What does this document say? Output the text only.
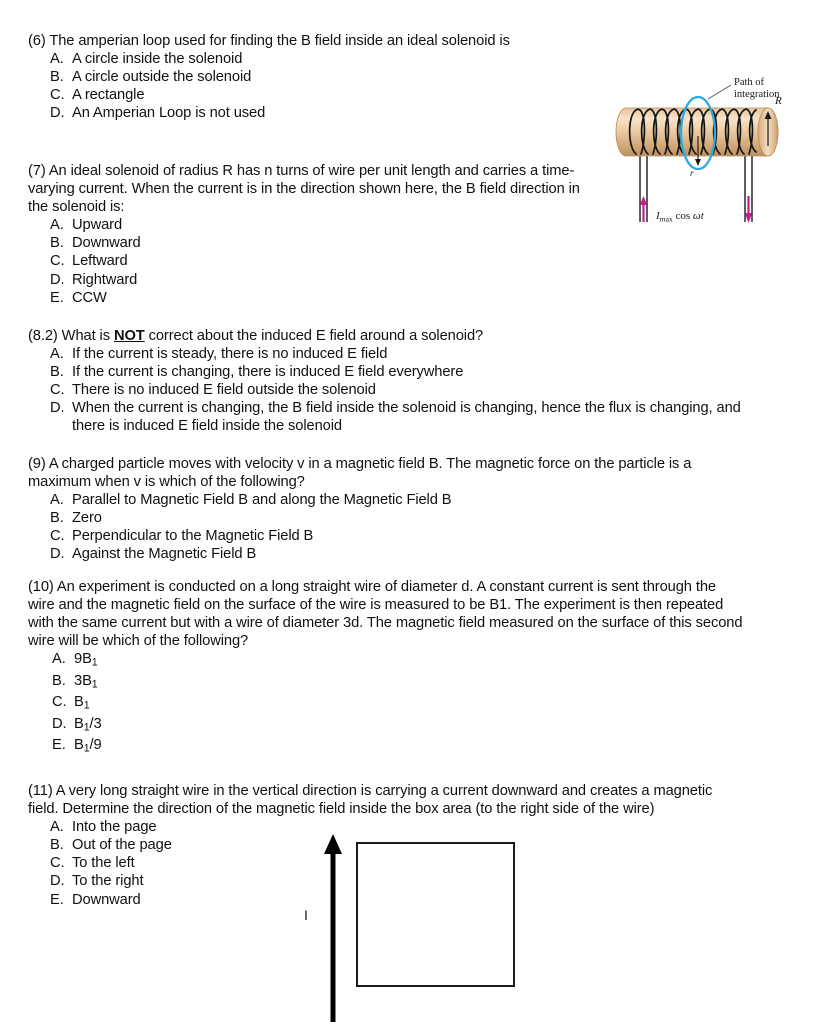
(6) The amperian loop used for finding the B field inside an ideal solenoid is

A. A circle inside the solenoid
B. A circle outside the solenoid
C. A rectangle
D. An Amperian Loop is not used

(7) An ideal solenoid of radius R has n turns of wire per unit length and carries a time-varying current. When the current is in the direction shown here, the B field direction in the solenoid is:

A. Upward
B. Downward
C. Leftward
D. Rightward
E. CCW
r
Path of
integration
R
$I_{max}$ cos ωt

(8.2) What is NOT correct about the induced E field around a solenoid?

A. If the current is steady, there is no induced E field
B. If the current is changing, there is induced E field everywhere
C. There is no induced E field outside the solenoid
D. When the current is changing, the B field inside the solenoid is changing, hence the flux is changing, and there is induced E field inside the solenoid

(9) A charged particle moves with velocity v in a magnetic field B. The magnetic force on the particle is a maximum when v is which of the following?

A. Parallel to Magnetic Field B and along the Magnetic Field B
B. Zero
C. Perpendicular to the Magnetic Field B
D. Against the Magnetic Field B

(10) An experiment is conducted on a long straight wire of diameter d. A constant current is sent through the wire and the magnetic field on the surface of the wire is measured to be B1. The experiment is then repeated with the same current but with a wire of diameter 3d. The magnetic field measured on the surface of this second wire will be which of the following?

A. $9B_1$
B. $3B_1$
C. $B_1$
D. $B_1/3$
E. $B_1/9$

(11) A very long straight wire in the vertical direction is carrying a current downward and creates a magnetic field. Determine the direction of the magnetic field inside the box area (to the right side of the wire)

A. Into the page
B. Out of the page
C. To the left
D. To the right
E. Downward
I
